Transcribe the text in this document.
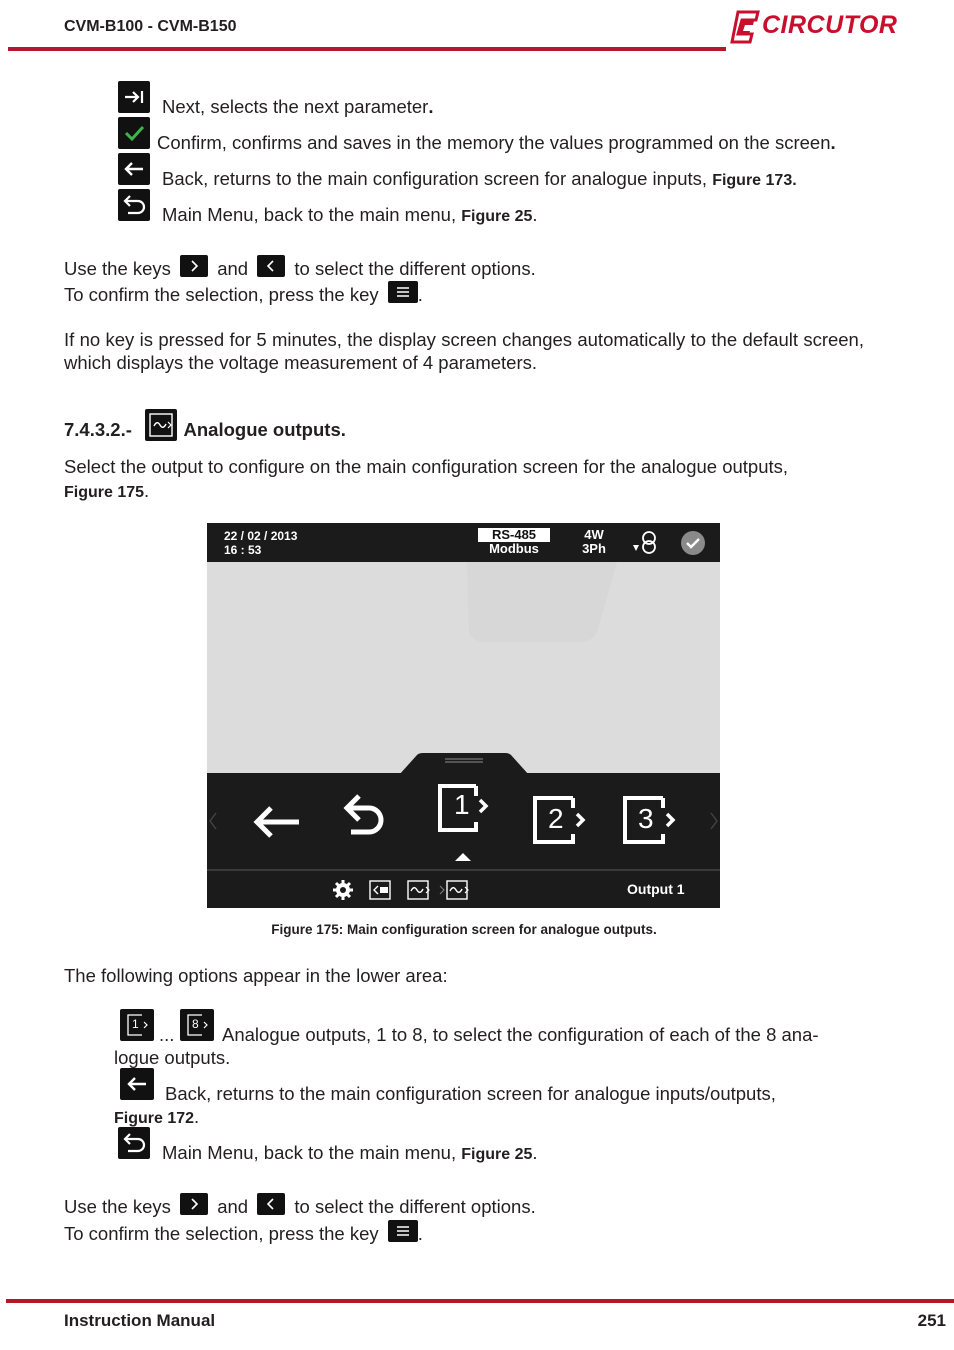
CVM-B100 - CVM-B150	CIRCUTOR
Next, selects the next parameter.
Confirm, confirms and saves in the memory the values programmed on the screen.
Back, returns to the main configuration screen for analogue inputs, Figure 173.
Main Menu, back to the main menu, Figure 25.
Use the keys	and	to select the different options.
To confirm the selection, press the key .
If no key is pressed for 5 minutes, the display screen changes automatically to the default screen, which displays the voltage measurement of 4 parameters.
7.4.3.2.-	Analogue outputs.
Select the output to configure on the main configuration screen for the analogue outputs,
Figure 175.
22 / 02 / 2013
16 : 53
RS-485
Modbus
4W
3Ph
1	2	3
Output 1
Figure 175: Main configuration screen for analogue outputs.
The following options appear in the lower area:
1 ... 8 Analogue outputs, 1 to 8, to select the configuration of each of the 8 ana-
logue outputs.
Back, returns to the main configuration screen for analogue inputs/outputs,
Figure 172.
Main Menu, back to the main menu, Figure 25.
Use the keys	and	to select the different options.
To confirm the selection, press the key .
Instruction Manual	251
